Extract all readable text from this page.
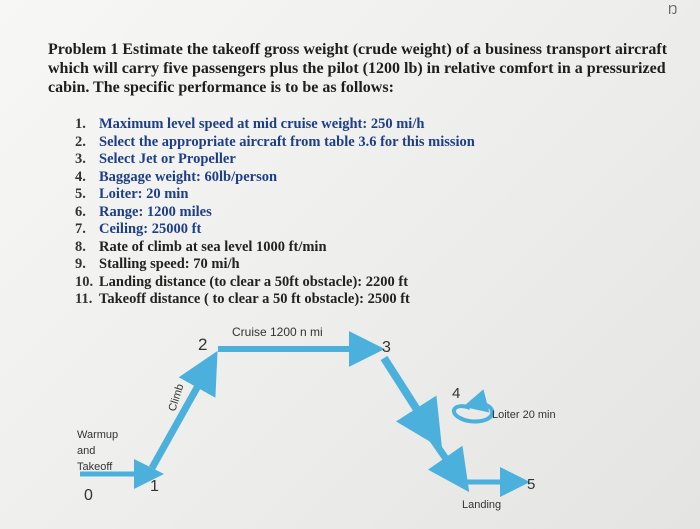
Ŋ
Problem 1 Estimate the takeoff gross weight (crude weight) of a business transport aircraft which will carry five passengers plus the pilot (1200 lb) in relative comfort in a pressurized cabin. The specific performance is to be as follows:
1. Maximum level speed at mid cruise weight: 250 mi/h
2. Select the appropriate aircraft from table 3.6 for this mission
3. Select Jet or Propeller
4. Baggage weight: 60lb/person
5. Loiter: 20 min
6. Range: 1200 miles
7. Ceiling: 25000 ft
8. Rate of climb at sea level 1000 ft/min
9. Stalling speed: 70 mi/h
10. Landing distance (to clear a 50ft obstacle): 2200 ft
11. Takeoff distance ( to clear a 50 ft obstacle): 2500 ft
0
1
2	3
4
5
Cruise 1200 n mi
Climb
Warmup
and
Takeoff
Loiter 20 min
Landing
